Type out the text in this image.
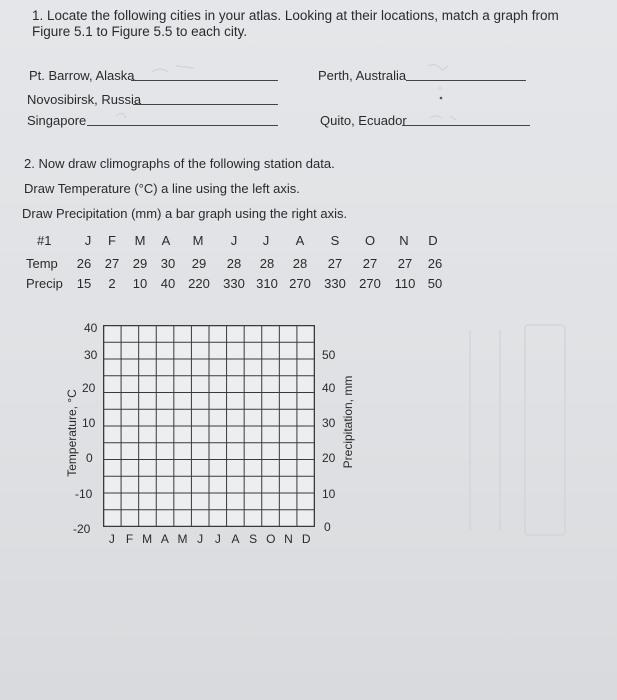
1. Locate the following cities in your atlas. Looking at their locations, match a graph from
Figure 5.1 to Figure 5.5 to each city.
Pt. Barrow, Alaska	Perth, Australia
Novosibirsk, Russia
Singapore	Quito, Ecuador
2. Now draw climographs of the following station data.
Draw Temperature (°C) a line using the left axis.
Draw Precipitation (mm) a bar graph using the right axis.
#1	J F M A M J J A S O N D
Temp 26 27 29 30 29 28 28 28 27 27 27 26
Precip 15 2 10 40 220 330 310 270 330 270 110 50
40
30
20
10
0
-10
-20
Temperature, °C
50
40
30
20
10
0
Precipitation, mm
J F M A M J J A S O N D
